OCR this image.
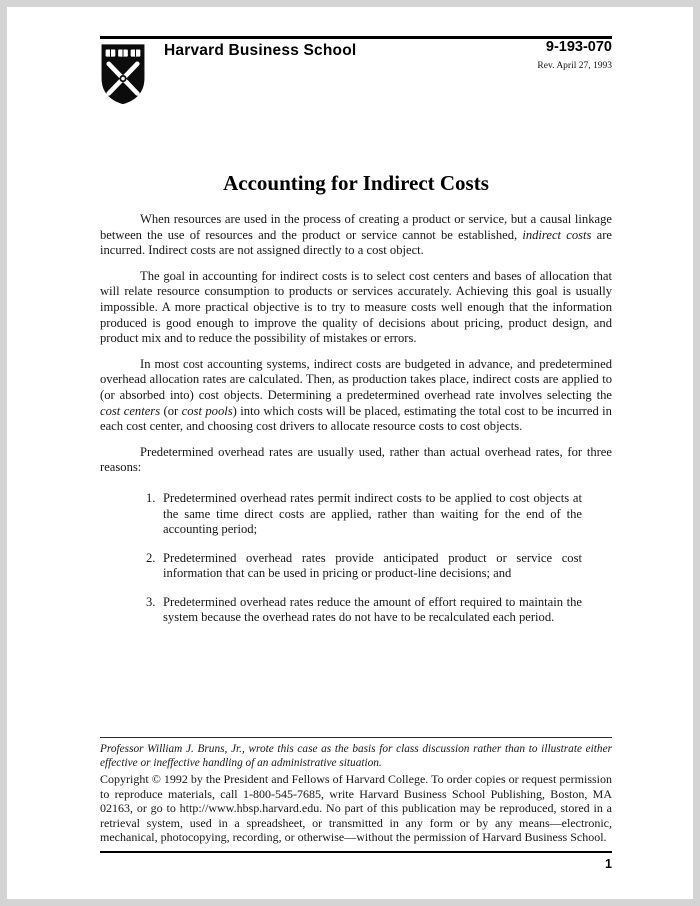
Harvard Business School	9-193-070
Rev. April 27, 1993
Accounting for Indirect Costs
When resources are used in the process of creating a product or service, but a causal linkage between the use of resources and the product or service cannot be established, indirect costs are incurred. Indirect costs are not assigned directly to a cost object.
The goal in accounting for indirect costs is to select cost centers and bases of allocation that will relate resource consumption to products or services accurately. Achieving this goal is usually impossible. A more practical objective is to try to measure costs well enough that the information produced is good enough to improve the quality of decisions about pricing, product design, and product mix and to reduce the possibility of mistakes or errors.
In most cost accounting systems, indirect costs are budgeted in advance, and predetermined overhead allocation rates are calculated. Then, as production takes place, indirect costs are applied to (or absorbed into) cost objects. Determining a predetermined overhead rate involves selecting the cost centers (or cost pools) into which costs will be placed, estimating the total cost to be incurred in each cost center, and choosing cost drivers to allocate resource costs to cost objects.
Predetermined overhead rates are usually used, rather than actual overhead rates, for three reasons:
1. Predetermined overhead rates permit indirect costs to be applied to cost objects at the same time direct costs are applied, rather than waiting for the end of the accounting period;
2. Predetermined overhead rates provide anticipated product or service cost information that can be used in pricing or product-line decisions; and
3. Predetermined overhead rates reduce the amount of effort required to maintain the system because the overhead rates do not have to be recalculated each period.
Professor William J. Bruns, Jr., wrote this case as the basis for class discussion rather than to illustrate either effective or ineffective handling of an administrative situation.
Copyright © 1992 by the President and Fellows of Harvard College. To order copies or request permission to reproduce materials, call 1-800-545-7685, write Harvard Business School Publishing, Boston, MA 02163, or go to http://www.hbsp.harvard.edu. No part of this publication may be reproduced, stored in a retrieval system, used in a spreadsheet, or transmitted in any form or by any means—electronic, mechanical, photocopying, recording, or otherwise—without the permission of Harvard Business School.
1
